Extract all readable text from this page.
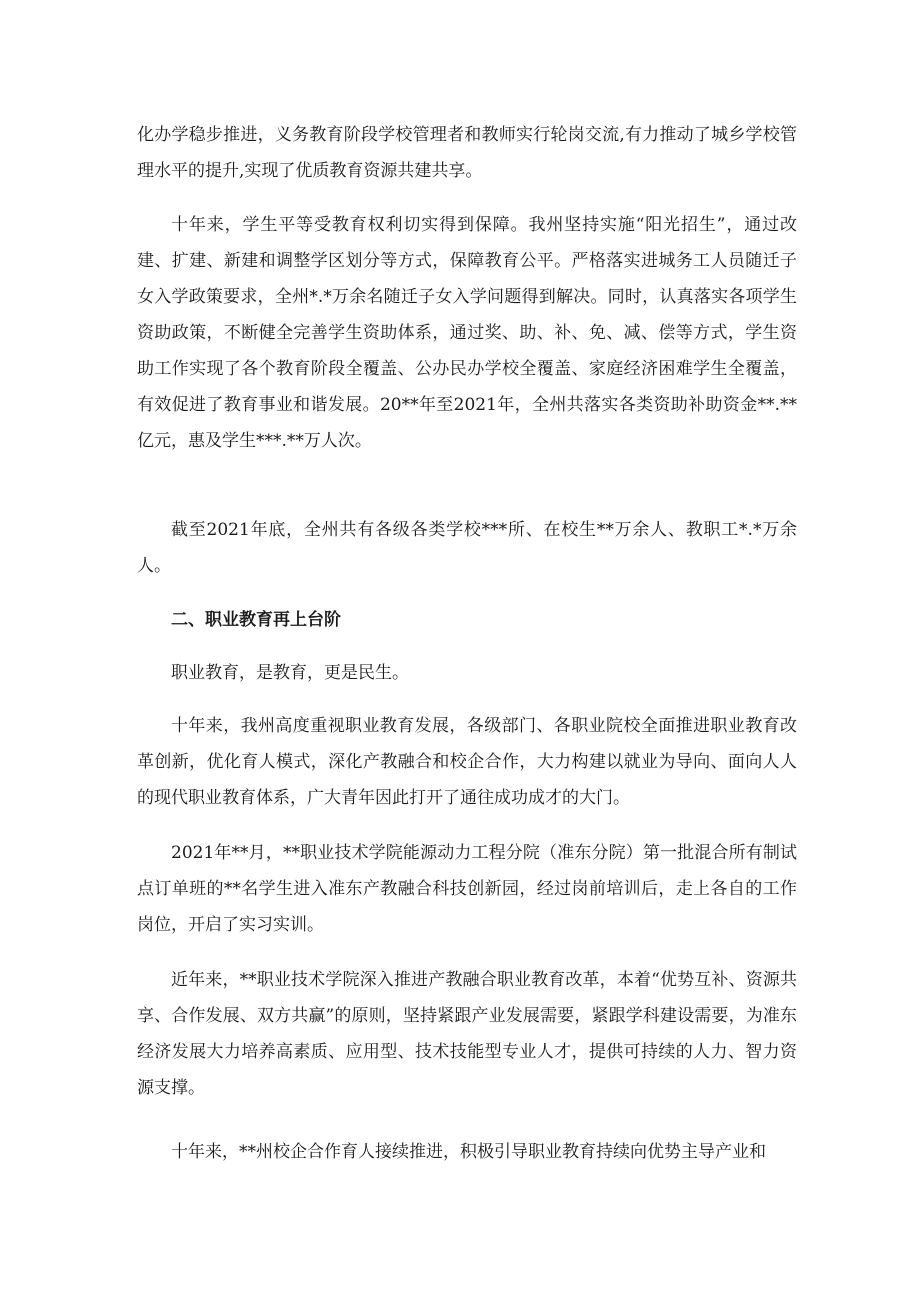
化办学稳步推进，义务教育阶段学校管理者和教师实行轮岗交流,有力推动了城乡学校管理水平的提升,实现了优质教育资源共建共享。

十年来，学生平等受教育权利切实得到保障。我州坚持实施“阳光招生”，通过改建、扩建、新建和调整学区划分等方式，保障教育公平。严格落实进城务工人员随迁子女入学政策要求，全州*.*万余名随迁子女入学问题得到解决。同时，认真落实各项学生资助政策，不断健全完善学生资助体系，通过奖、助、补、免、减、偿等方式，学生资助工作实现了各个教育阶段全覆盖、公办民办学校全覆盖、家庭经济困难学生全覆盖，有效促进了教育事业和谐发展。20**年至2021年，全州共落实各类资助补助资金**.**亿元，惠及学生***.**万人次。

截至2021年底，全州共有各级各类学校***所、在校生**万余人、教职工*.*万余人。

二、职业教育再上台阶

职业教育，是教育，更是民生。

十年来，我州高度重视职业教育发展，各级部门、各职业院校全面推进职业教育改革创新，优化育人模式，深化产教融合和校企合作，大力构建以就业为导向、面向人人的现代职业教育体系，广大青年因此打开了通往成功成才的大门。

2021年**月，**职业技术学院能源动力工程分院（准东分院）第一批混合所有制试点订单班的**名学生进入准东产教融合科技创新园，经过岗前培训后，走上各自的工作岗位，开启了实习实训。

近年来，**职业技术学院深入推进产教融合职业教育改革，本着“优势互补、资源共享、合作发展、双方共赢”的原则，坚持紧跟产业发展需要，紧跟学科建设需要，为准东经济发展大力培养高素质、应用型、技术技能型专业人才，提供可持续的人力、智力资源支撑。

十年来，**州校企合作育人接续推进，积极引导职业教育持续向优势主导产业和
